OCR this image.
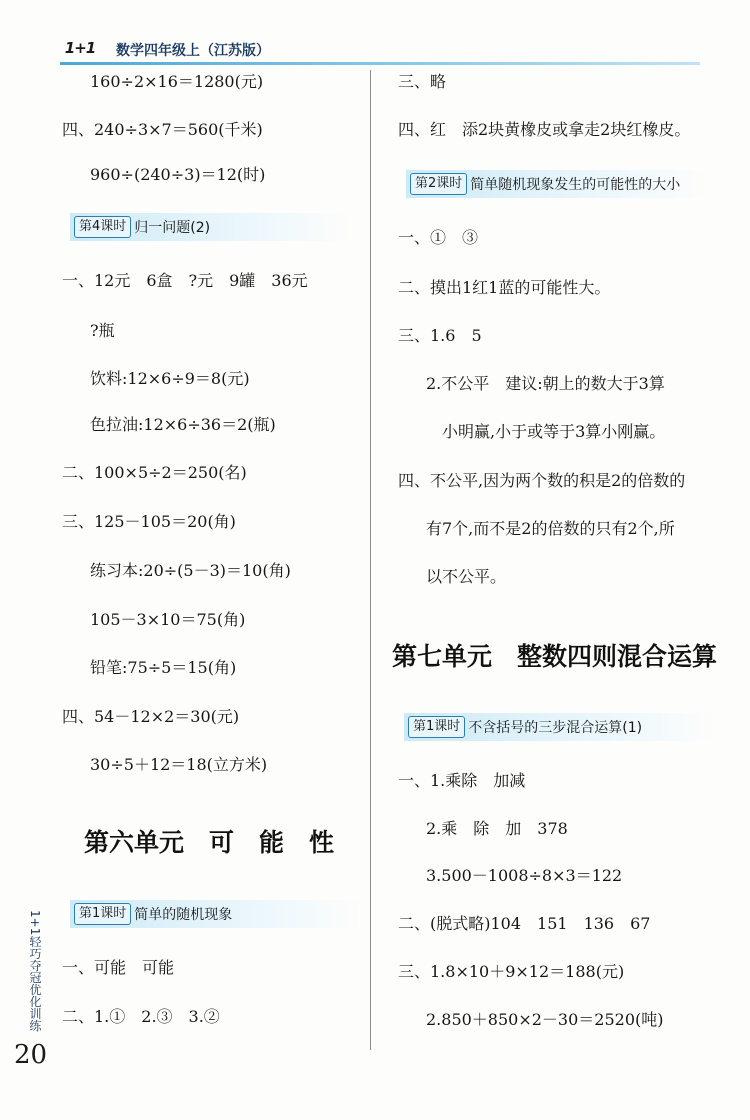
1+1 数学四年级上（江苏版）
1+1轻巧夺冠优化训练
20
160÷2×16＝1280(元)
四、240÷3×7＝560(千米)
960÷(240÷3)＝12(时)
第4课时 归一问题(2)
一、12元　6盒　?元　9罐　36元
?瓶
饮料:12×6÷9＝8(元)
色拉油:12×6÷36＝2(瓶)
二、100×5÷2＝250(名)
三、125－105＝20(角)
练习本:20÷(5－3)＝10(角)
105－3×10＝75(角)
铅笔:75÷5＝15(角)
四、54－12×2＝30(元)
30÷5＋12＝18(立方米)
第六单元　可　能　性
第1课时 简单的随机现象
一、可能　可能
二、1.①　2.③　3.②
三、略
四、红　添2块黄橡皮或拿走2块红橡皮。
第2课时 简单随机现象发生的可能性的大小
一、①　③
二、摸出1红1蓝的可能性大。
三、1.6　5
2.不公平　建议:朝上的数大于3算
小明赢,小于或等于3算小刚赢。
四、不公平,因为两个数的积是2的倍数的
有7个,而不是2的倍数的只有2个,所
以不公平。
第七单元　整数四则混合运算
第1课时 不含括号的三步混合运算(1)
一、1.乘除　加减
2.乘　除　加　378
3.500－1008÷8×3＝122
二、(脱式略)104　151　136　67
三、1.8×10＋9×12＝188(元)
2.850＋850×2－30＝2520(吨)
